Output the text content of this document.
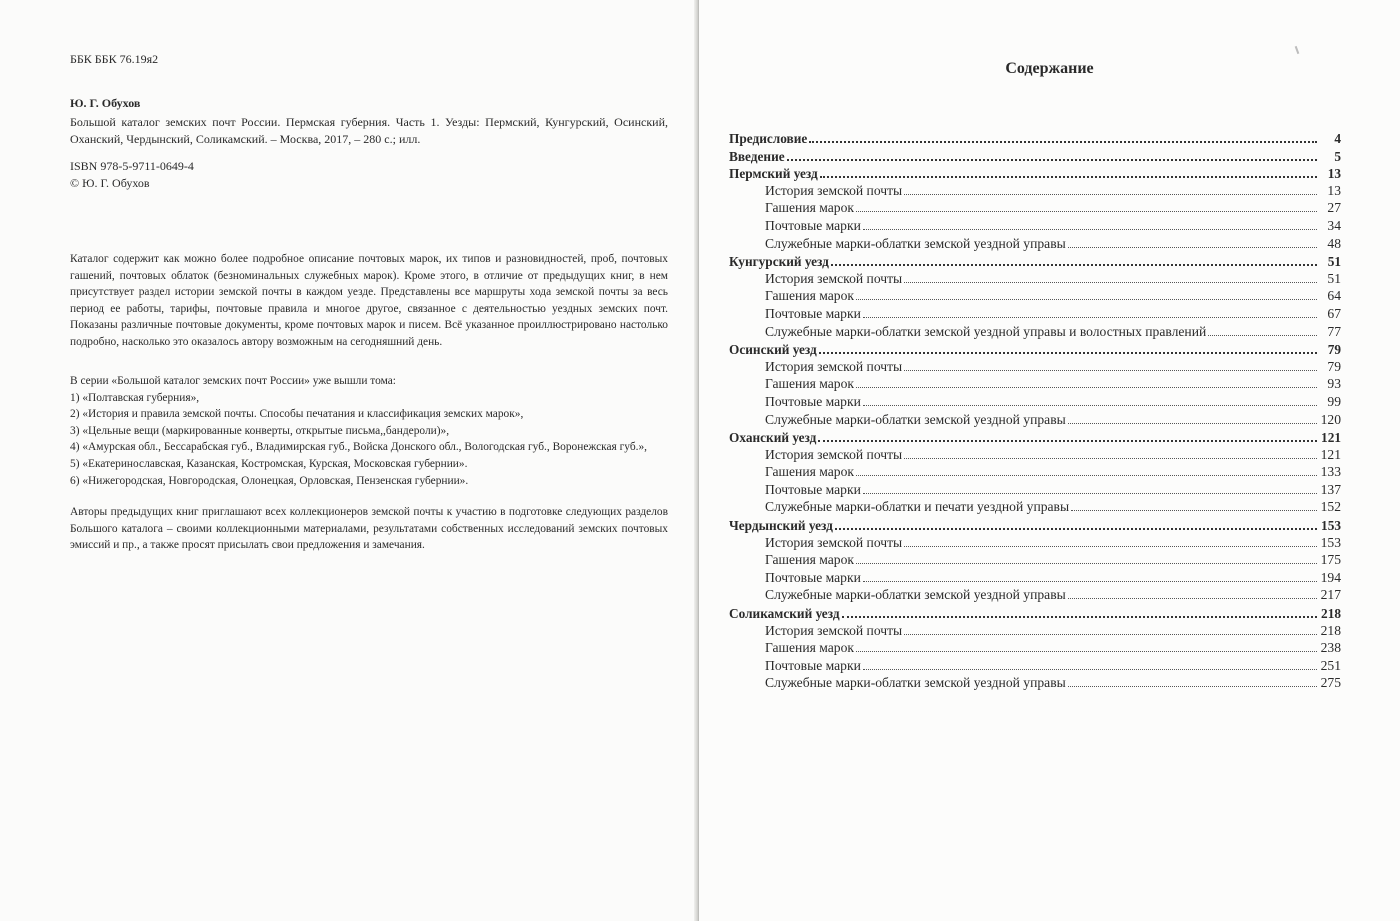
ББК ББК 76.19я2
Ю. Г. Обухов
Большой каталог земских почт России. Пермская губерния. Часть 1. Уезды: Пермский, Кунгурский, Осинский, Оханский, Чердынский, Соликамский. – Москва, 2017, – 280 с.; илл.
ISBN 978-5-9711-0649-4
© Ю. Г. Обухов
Каталог содержит как можно более подробное описание почтовых марок, их типов и разновидностей, проб, почтовых гашений, почтовых облаток (безноминальных служебных марок). Кроме этого, в отличие от предыдущих книг, в нем присутствует раздел истории земской почты в каждом уезде. Представлены все маршруты хода земской почты за весь период ее работы, тарифы, почтовые правила и многое другое, связанное с деятельностью уездных земских почт. Показаны различные почтовые документы, кроме почтовых марок и писем. Всё указанное проиллюстрировано настолько подробно, насколько это оказалось автору возможным на сегодняшний день.
В серии «Большой каталог земских почт России» уже вышли тома:
1) «Полтавская губерния»,
2) «История и правила земской почты. Способы печатания и классификация земских марок»,
3) «Цельные вещи (маркированные конверты, открытые письма,,бандероли)»,
4) «Амурская обл., Бессарабская губ., Владимирская губ., Войска Донского обл., Вологодская губ., Воронежская губ.»,
5) «Екатеринославская, Казанская, Костромская, Курская, Московская губернии».
6) «Нижегородская, Новгородская, Олонецкая, Орловская, Пензенская губернии».
Авторы предыдущих книг приглашают всех коллекционеров земской почты к участию в подготовке следующих разделов Большого каталога – своими коллекционными материалами, результатами собственных исследований земских почтовых эмиссий и пр., а также просят присылать свои предложения и замечания.
Содержание
Предисловие	4
Введение	5
Пермский уезд	13
История земской почты	13
Гашения марок	27
Почтовые марки	34
Служебные марки-облатки земской уездной управы	48
Кунгурский уезд	51
История земской почты	51
Гашения марок	64
Почтовые марки	67
Служебные марки-облатки земской уездной управы и волостных правлений	77
Осинский уезд	79
История земской почты	79
Гашения марок	93
Почтовые марки	99
Служебные марки-облатки земской уездной управы	120
Оханский уезд	121
История земской почты	121
Гашения марок	133
Почтовые марки	137
Служебные марки-облатки и печати уездной управы	152
Чердынский уезд	153
История земской почты	153
Гашения марок	175
Почтовые марки	194
Служебные марки-облатки земской уездной управы	217
Соликамский уезд	218
История земской почты	218
Гашения марок	238
Почтовые марки	251
Служебные марки-облатки земской уездной управы	275
